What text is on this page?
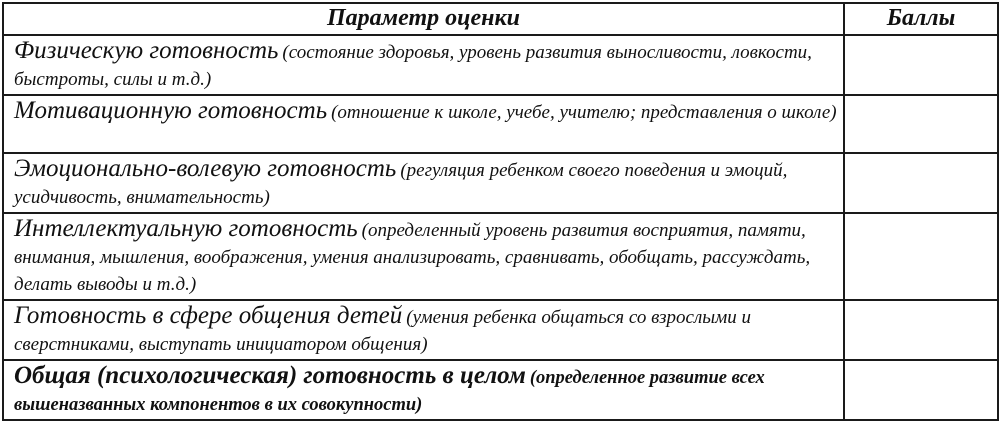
Параметр оценки	Баллы
Физическую готовность (состояние здоровья, уровень развития выносливости, ловкости, быстроты, силы и т.д.)	
Мотивационную готовность (отношение к школе, учебе, учителю; представления о школе)	
Эмоционально-волевую готовность (регуляция ребенком своего поведения и эмоций, усидчивость, внимательность)	
Интеллектуальную готовность (определенный уровень развития восприятия, памяти, внимания, мышления, воображения, умения анализировать, сравнивать, обобщать, рассуждать, делать выводы и т.д.)	
Готовность в сфере общения детей (умения ребенка общаться со взрослыми и сверстниками, выступать инициатором общения)	
Общая (психологическая) готовность в целом (определенное развитие всех вышеназванных компонентов в их совокупности)	
